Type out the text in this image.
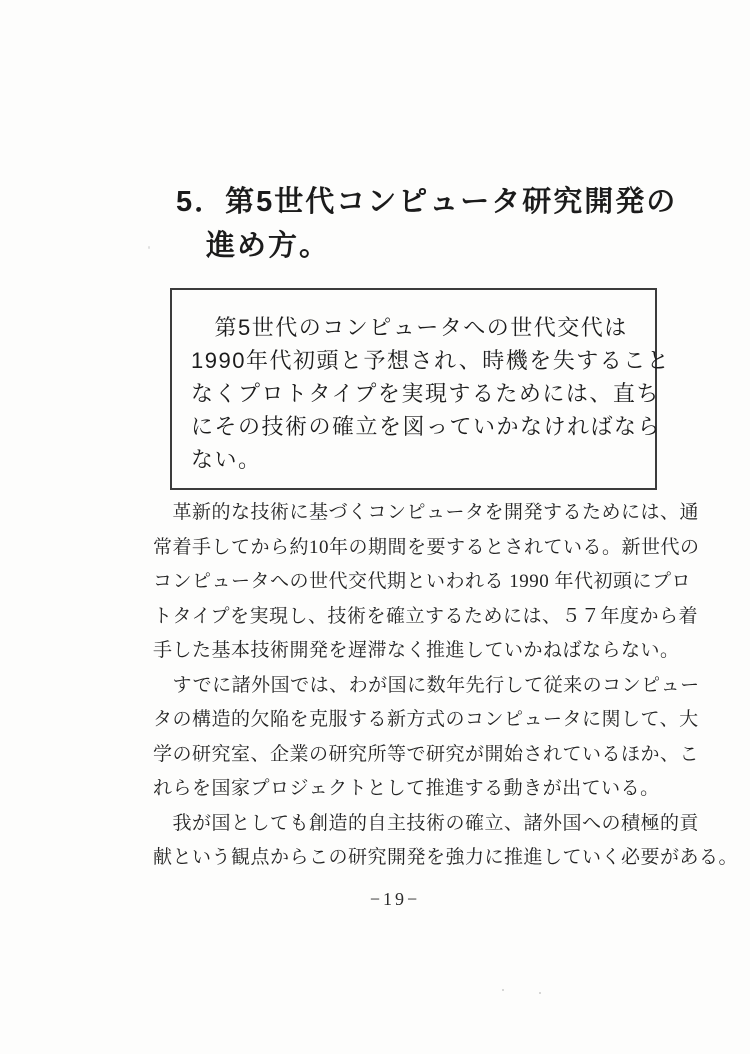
5．第5世代コンピュータ研究開発の
進め方。
　第5世代のコンピュータへの世代交代は
1990年代初頭と予想され、時機を失すること
なくプロトタイプを実現するためには、直ち
にその技術の確立を図っていかなければなら
ない。
　革新的な技術に基づくコンピュータを開発するためには、通
常着手してから約10年の期間を要するとされている。新世代の
コンピュータへの世代交代期といわれる 1990 年代初頭にプロ
トタイプを実現し、技術を確立するためには、５７年度から着
手した基本技術開発を遅滞なく推進していかねばならない。
　すでに諸外国では、わが国に数年先行して従来のコンピュー
タの構造的欠陥を克服する新方式のコンピュータに関して、大
学の研究室、企業の研究所等で研究が開始されているほか、こ
れらを国家プロジェクトとして推進する動きが出ている。
　我が国としても創造的自主技術の確立、諸外国への積極的貢
献という観点からこの研究開発を強力に推進していく必要がある。
−19−
